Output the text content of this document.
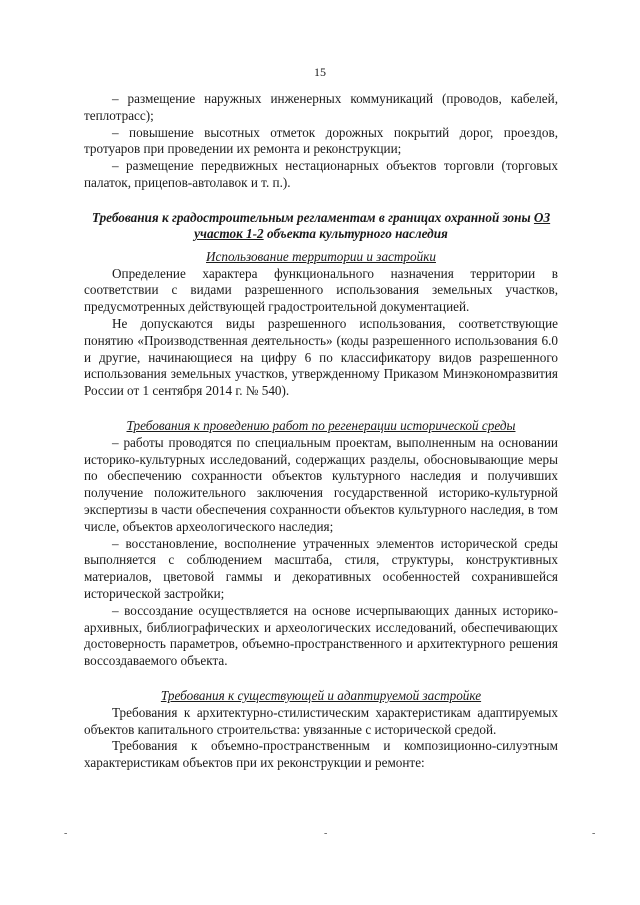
15

– размещение наружных инженерных коммуникаций (проводов, кабелей, теплотрасс);

– повышение высотных отметок дорожных покрытий дорог, проездов, тротуаров при проведении их ремонта и реконструкции;

– размещение передвижных нестационарных объектов торговли (торговых палаток, прицепов-автолавок и т. п.).

Требования к градостроительным регламентам в границах охранной зоны ОЗ участок 1-2 объекта культурного наследия

Использование территории и застройки

Определение характера функционального назначения территории в соответствии с видами разрешенного использования земельных участков, предусмотренных действующей градостроительной документацией.

Не допускаются виды разрешенного использования, соответствующие понятию «Производственная деятельность» (коды разрешенного использования 6.0 и другие, начинающиеся на цифру 6 по классификатору видов разрешенного использования земельных участков, утвержденному Приказом Минэкономразвития России от 1 сентября 2014 г. № 540).

Требования к проведению работ по регенерации исторической среды

– работы проводятся по специальным проектам, выполненным на основании историко-культурных исследований, содержащих разделы, обосновывающие меры по обеспечению сохранности объектов культурного наследия и получивших получение положительного заключения государственной историко-культурной экспертизы в части обеспечения сохранности объектов культурного наследия, в том числе, объектов археологического наследия;

– восстановление, восполнение утраченных элементов исторической среды выполняется с соблюдением масштаба, стиля, структуры, конструктивных материалов, цветовой гаммы и декоративных особенностей сохранившейся исторической застройки;

– воссоздание осуществляется на основе исчерпывающих данных историко-архивных, библиографических и археологических исследований, обеспечивающих достоверность параметров, объемно-пространственного и архитектурного решения воссоздаваемого объекта.

Требования к существующей и адаптируемой застройке

Требования к архитектурно-стилистическим характеристикам адаптируемых объектов капитального строительства: увязанные с исторической средой.

Требования к объемно-пространственным и композиционно-силуэтным характеристикам объектов при их реконструкции и ремонте:

-	-	-
